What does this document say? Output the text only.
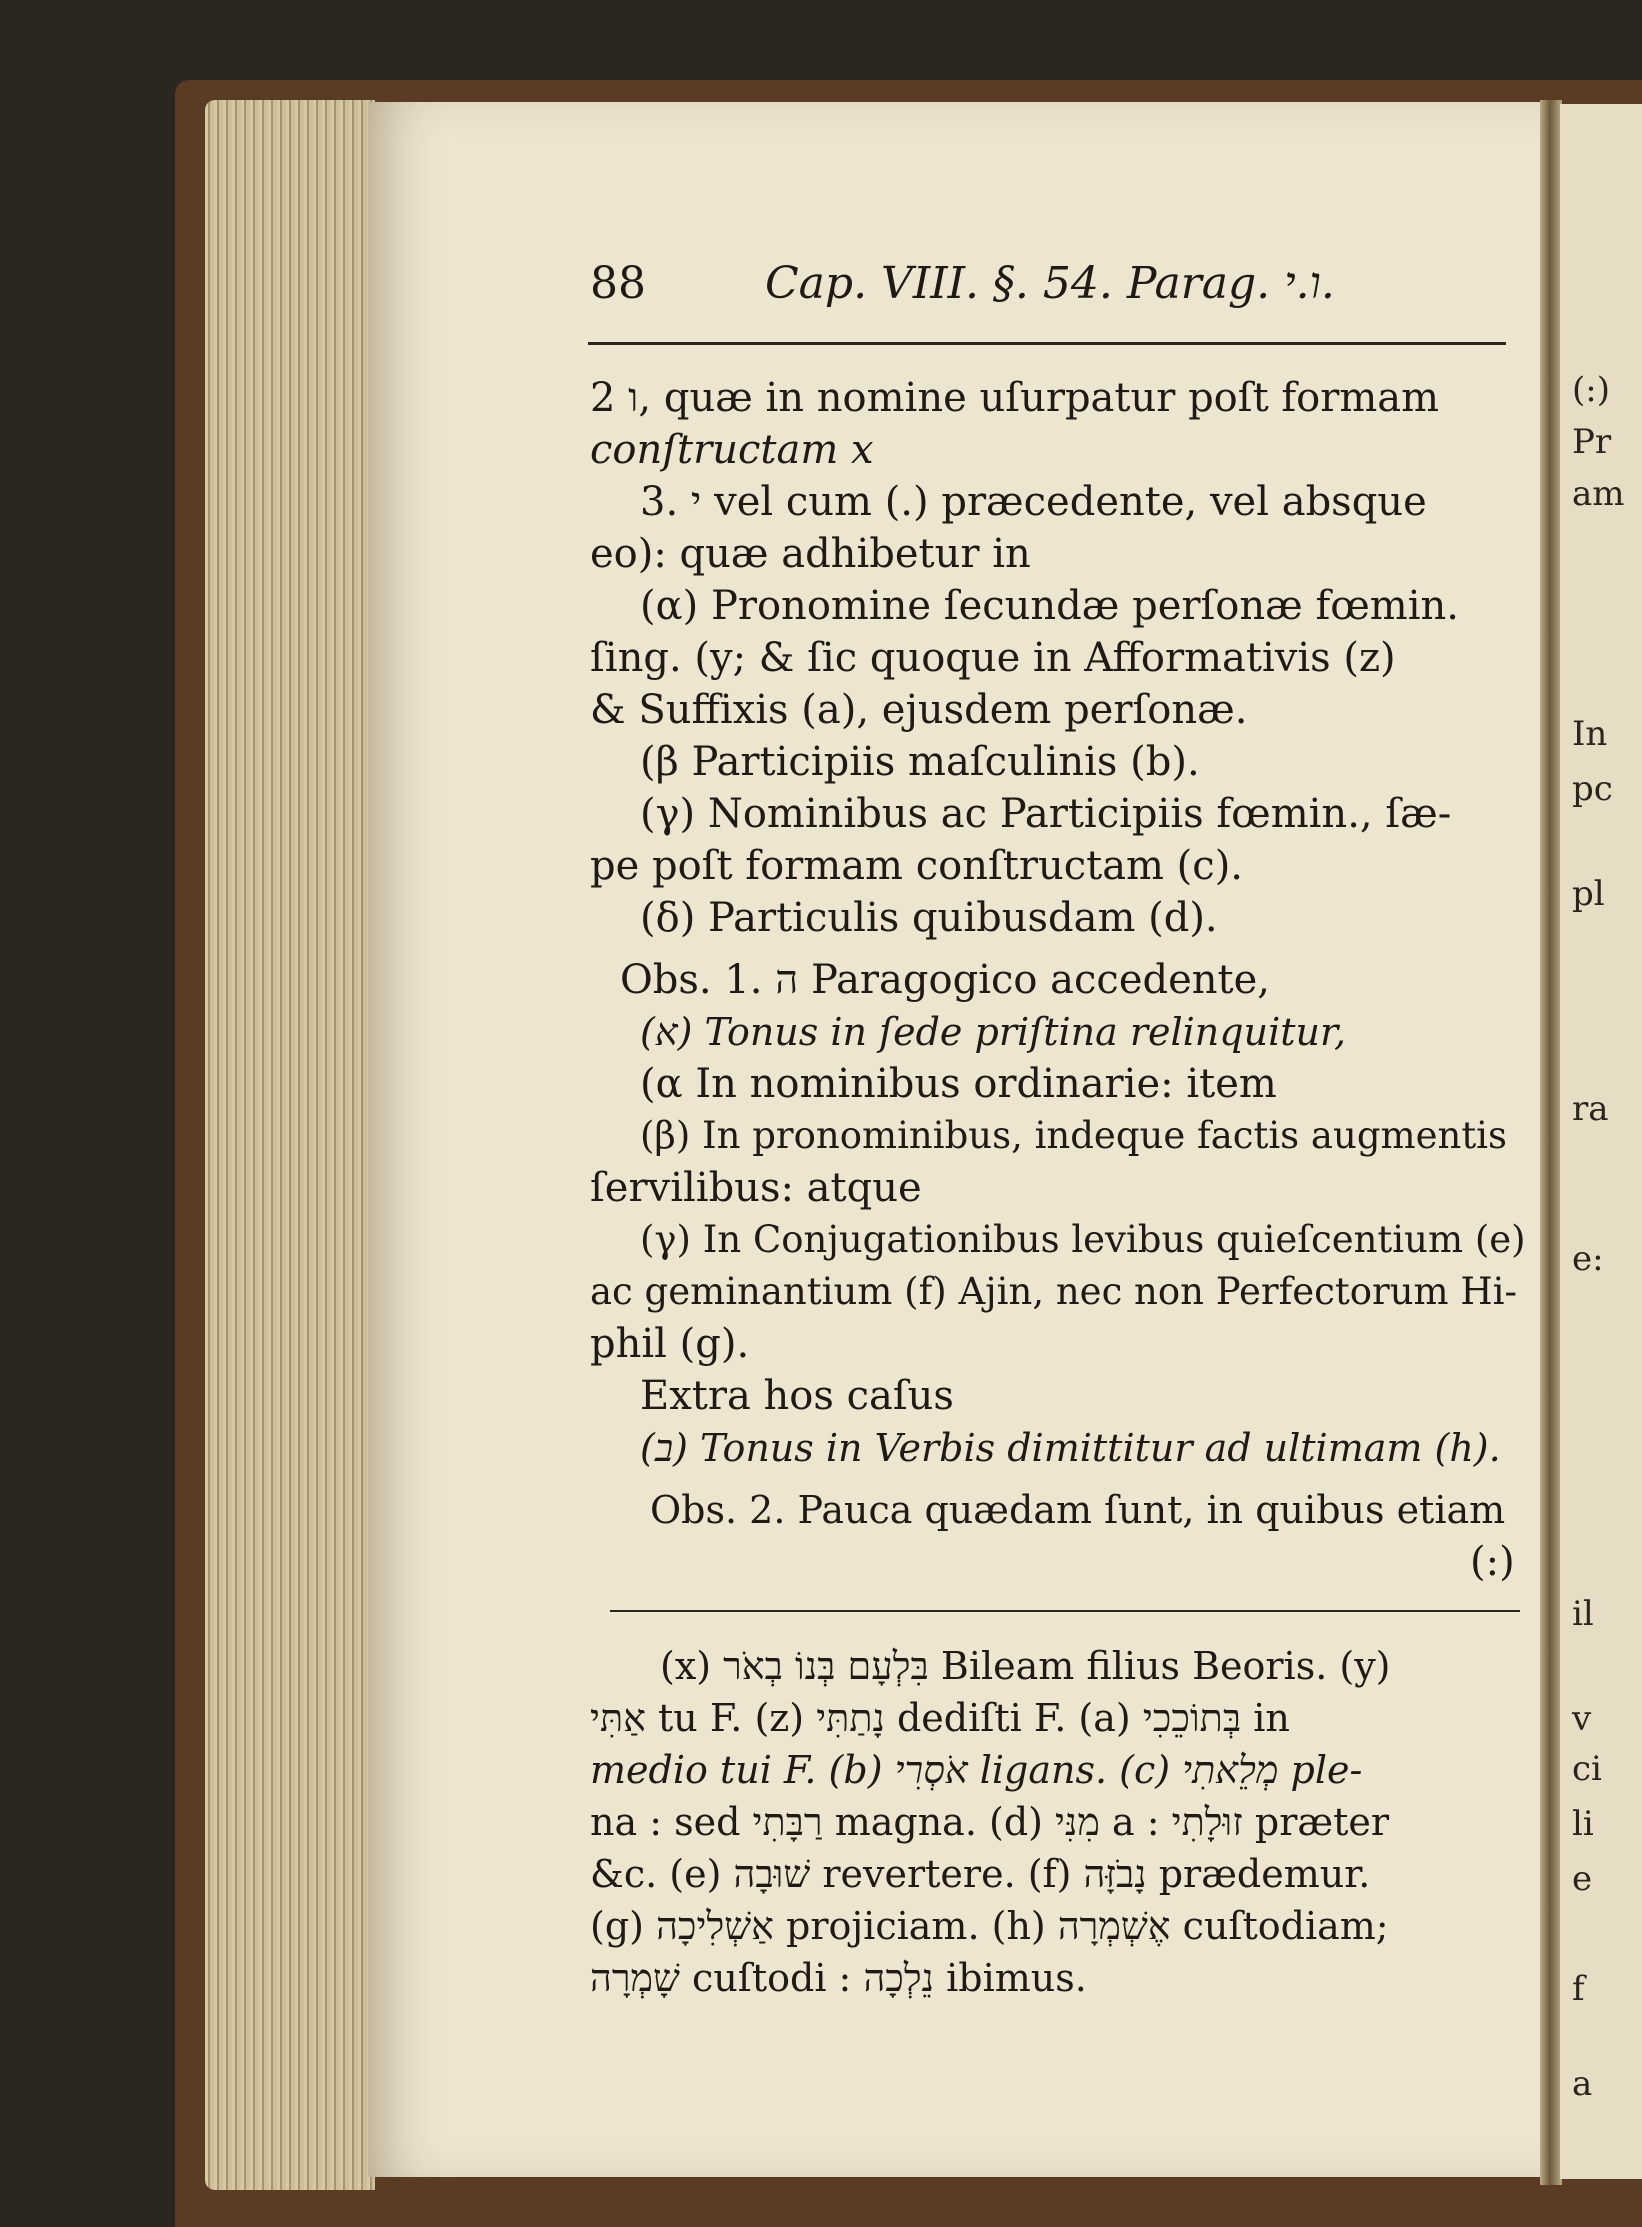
(:)
Pr
am
In
pc
pl
ra
e:
il
v
ci
li
e
f
a
88	Cap. VIII. §. 54. Parag. ו.י.
2 ו, quæ in nomine uſurpatur poſt formam
conſtructam x
3. י vel cum (.) præcedente, vel absque
eo): quæ adhibetur in
(α) Pronomine ſecundæ perſonæ fœmin.
ſing. (y; & ſic quoque in Afformativis (z)
& Suffixis (a), ejusdem perſonæ.
(β Participiis maſculinis (b).
(γ) Nominibus ac Participiis fœmin., ſæ-
pe poſt formam conſtructam (c).
(δ) Particulis quibusdam (d).
Obs. 1. ה Paragogico accedente,
(א) Tonus in ſede priſtina relinquitur,
(α In nominibus ordinarie: item
(β) In pronominibus, indeque factis augmentis
ſervilibus: atque
(γ) In Conjugationibus levibus quieſcentium (e)
ac geminantium (f) Ajin, nec non Perfectorum Hi-
phil (g).
Extra hos caſus
(ב) Tonus in Verbis dimittitur ad ultimam (h).
Obs. 2. Pauca quædam ſunt, in quibus etiam
(:)
(x) בִּלְעָם בְּנוֹ בְאֹר Bileam filius Beoris. (y)
אַתִּי tu F. (z) נָתַתִּי dediſti F. (a) בְּתוֹכֵכִי in
medio tui F. (b) אֹסְרִי ligans. (c) מְלֵאתִי ple-
na : sed רַבָּתִי magna. (d) מִנִּי a : זוּלָתִי præter
&c. (e) שׁוּבָה revertere. (f) נָבֹזָּה prædemur.
(g) אַשְׁלִיכָה projiciam. (h) אֶשְׁמְרָה cuſtodiam;
שָׁמְרָה cuſtodi : נֵלְכָה ibimus.
